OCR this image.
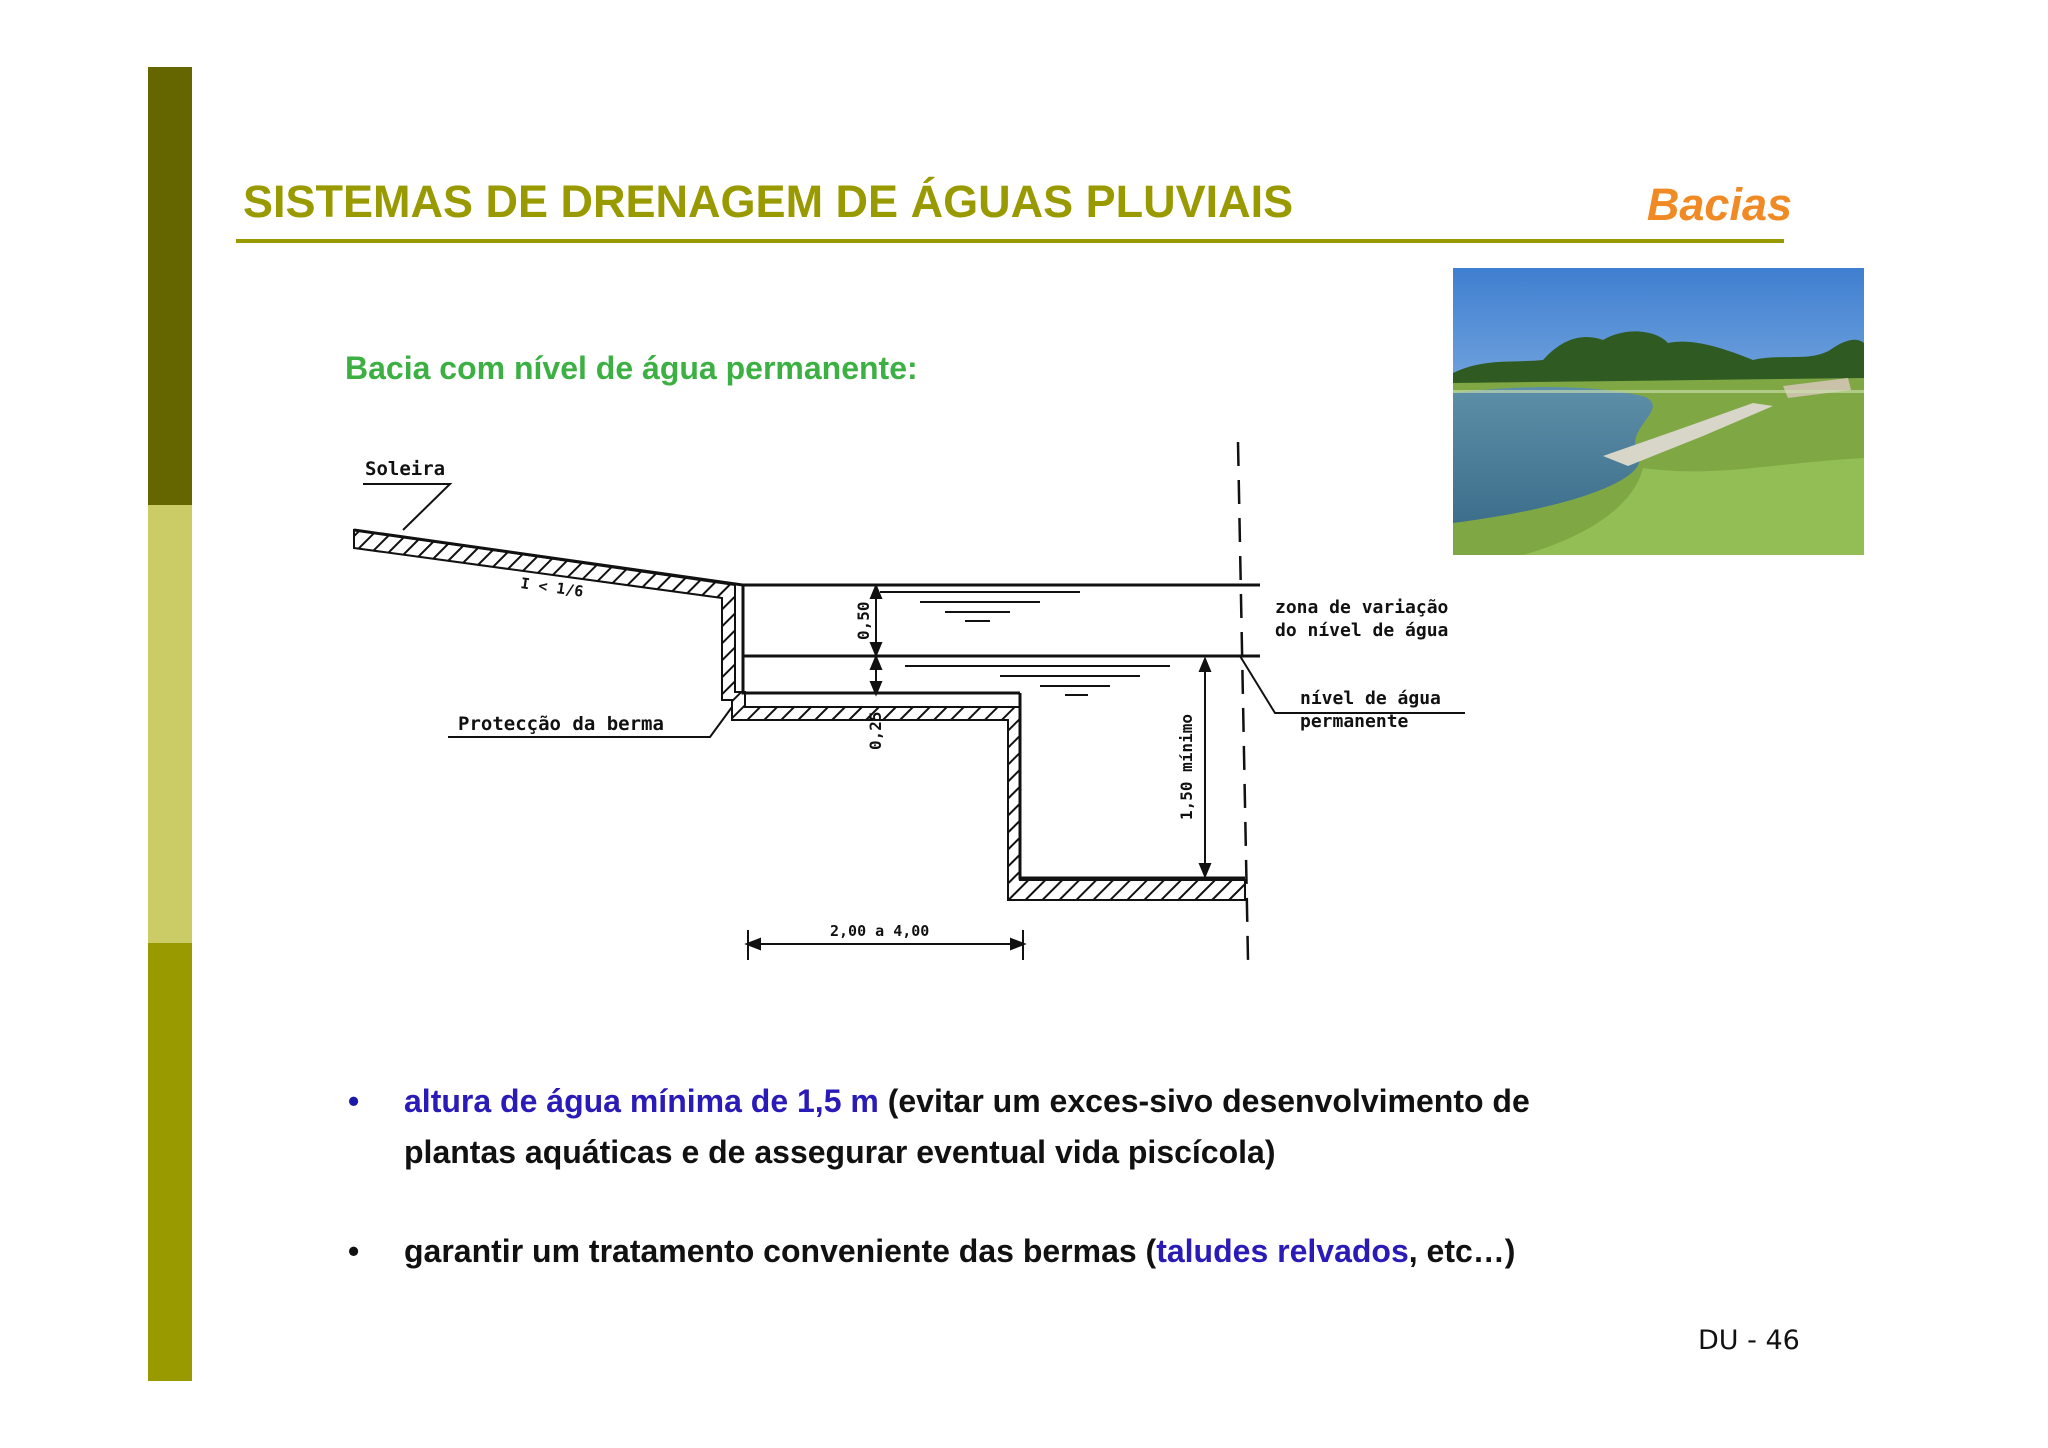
SISTEMAS DE DRENAGEM DE ÁGUAS PLUVIAIS	Bacias
Bacia com nível de água permanente:
0,50
0,25	1,50 mínimo
2,00 a 4,00
Soleira
I < 1/6
Protecção da berma
zona de variação
do nível de água
nível de água
permanente
• altura de água mínima de 1,5 m (evitar um exces-sivo desenvolvimento de plantas aquáticas e de assegurar eventual vida piscícola)
• garantir um tratamento conveniente das bermas (taludes relvados, etc…)
DU - 46
